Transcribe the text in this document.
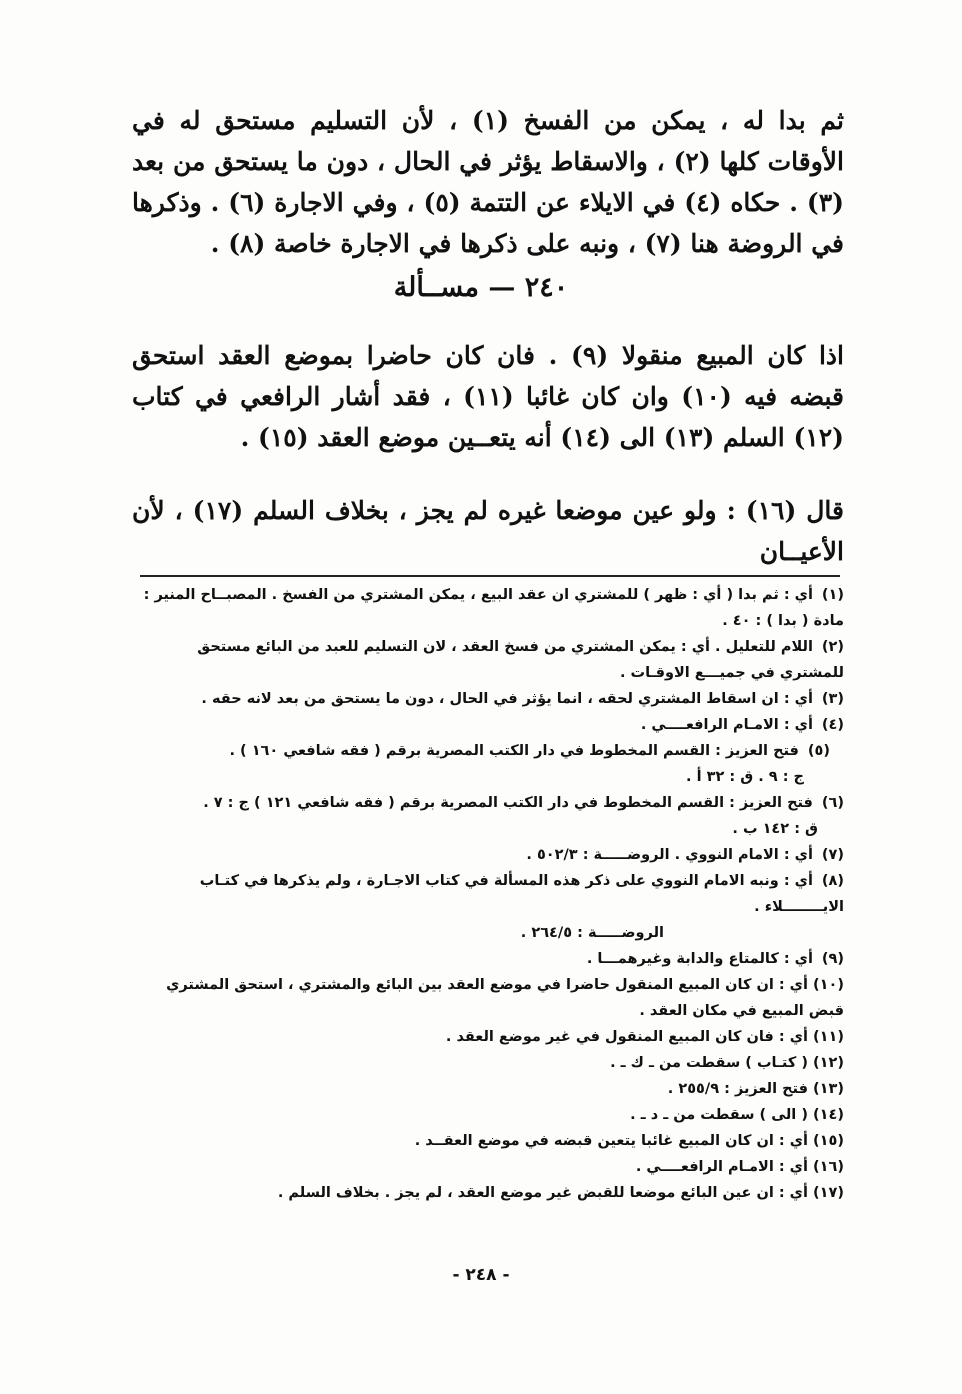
ثم بدا له ، يمكن من الفسخ (١) ، لأن التسليم مستحق له في الأوقات كلها (٢) ، والاسقاط يؤثر في الحال ، دون ما يستحق من بعد (٣) . حكاه (٤) في الايلاء عن التتمة (٥) ، وفي الاجارة (٦) . وذكرها في الروضة هنا (٧) ، ونبه على ذكرها في الاجارة خاصة (٨) .
٢٤٠ — مســألة
اذا كان المبيع منقولا (٩) . فان كان حاضرا بموضع العقد استحق قبضه فيه (١٠) وان كان غائبا (١١) ، فقد أشار الرافعي في كتاب (١٢) السلم (١٣) الى (١٤) أنه يتعــين موضع العقد (١٥) .
قال (١٦) : ولو عين موضعا غيره لم يجز ، بخلاف السلم (١٧) ، لأن الأعيــان
(١) أي : ثم بدا ( أي : ظهر ) للمشتري ان عقد البيع ، يمكن المشتري من الفسخ . المصبــاح المنير : مادة ( بدا ) : ٤٠ .
(٢) اللام للتعليل . أي : يمكن المشتري من فسخ العقد ، لان التسليم للعبد من البائع مستحق للمشتري في جميـــع الاوقـات .
(٣) أي : ان اسقاط المشتري لحقه ، انما يؤثر في الحال ، دون ما يستحق من بعد لانه حقه .
(٤) أي : الامـام الرافعــــي .
(٥) فتح العزيز : القسم المخطوط في دار الكتب المصرية برقم ( فقه شافعي ١٦٠ ) .
ج : ٩ . ق : ٣٢ أ .
(٦) فتح العزيز : القسم المخطوط في دار الكتب المصرية برقم ( فقه شافعي ١٢١ ) ج : ٧ .
ق : ١٤٢ ب .
(٧) أي : الامام النووي . الروضـــــة : ٥٠٢/٣ .
(٨) أي : ونبه الامام النووي على ذكر هذه المسألة في كتاب الاجـارة ، ولم يذكرها في كتـاب الايــــــــلاء .
الروضـــــة : ٢٦٤/٥ .
(٩) أي : كالمتاع والدابة وغيرهمـــا .
(١٠) أي : ان كان المبيع المنقول حاضرا في موضع العقد بين البائع والمشتري ، استحق المشتري قبض المبيع في مكان العقد .
(١١) أي : فان كان المبيع المنقول في غير موضع العقد .
(١٢) ( كتـاب ) سقطت من ـ ك ـ .
(١٣) فتح العزيز : ٢٥٥/٩ .
(١٤) ( الى ) سقطت من ـ د ـ .
(١٥) أي : ان كان المبيع غائبا يتعين قبضه في موضع العقــد .
(١٦) أي : الامـام الرافعــــي .
(١٧) أي : ان عين البائع موضعا للقبض غير موضع العقد ، لم يجز . بخلاف السلم .
- ٢٤٨ -
